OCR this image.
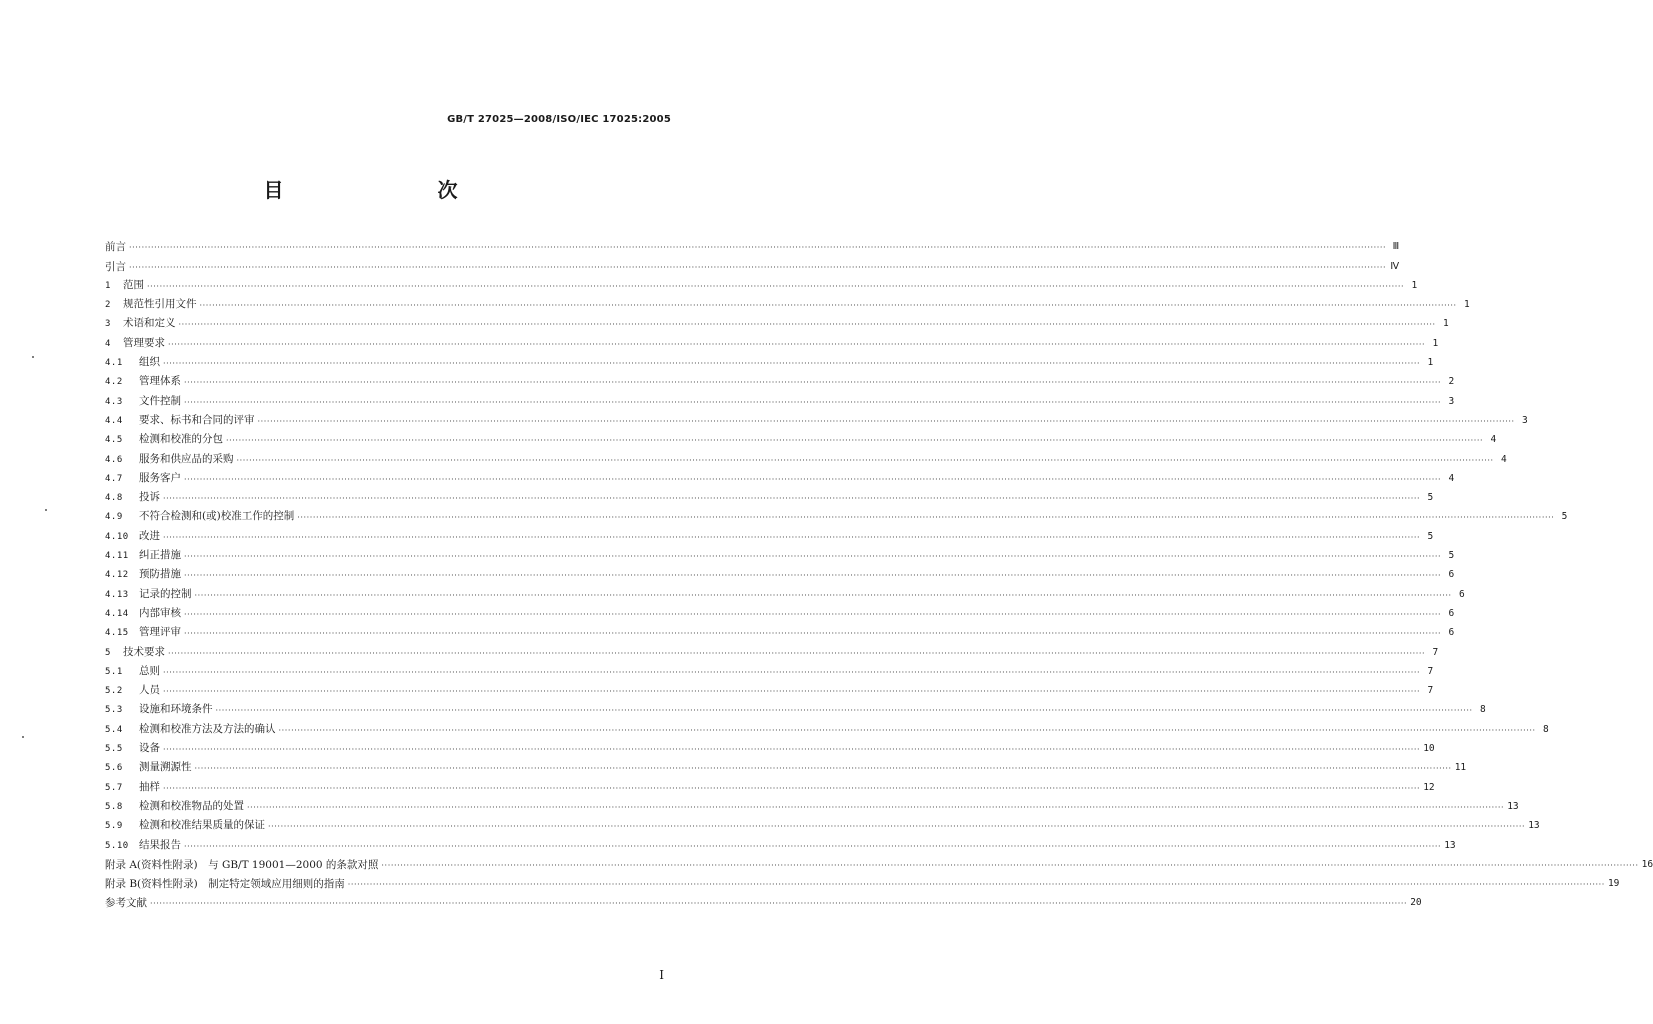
GB/T 27025—2008/ISO/IEC 17025:2005
目　　次
前言 ················································································································································································································································································································································································································ Ⅲ
引言 ················································································································································································································································································································································································································ Ⅳ
1 范围 ················································································································································································································································································································································································································ 1
2 规范性引用文件 ················································································································································································································································································································································································································ 1
3 术语和定义 ················································································································································································································································································································································································································ 1
4 管理要求 ················································································································································································································································································································································································································ 1
4.1 组织 ················································································································································································································································································································································································································ 1
4.2 管理体系 ················································································································································································································································································································································································································ 2
4.3 文件控制 ················································································································································································································································································································································································································ 3
4.4 要求、标书和合同的评审 ················································································································································································································································································································································································································ 3
4.5 检测和校准的分包 ················································································································································································································································································································································································································ 4
4.6 服务和供应品的采购 ················································································································································································································································································································································································································ 4
4.7 服务客户 ················································································································································································································································································································································································································ 4
4.8 投诉 ················································································································································································································································································································································································································ 5
4.9 不符合检测和(或)校准工作的控制 ················································································································································································································································································································································································································ 5
4.10 改进 ················································································································································································································································································································································································································ 5
4.11 纠正措施 ················································································································································································································································································································································································································ 5
4.12 预防措施 ················································································································································································································································································································································································································ 6
4.13 记录的控制 ················································································································································································································································································································································································································ 6
4.14 内部审核 ················································································································································································································································································································································································································ 6
4.15 管理评审 ················································································································································································································································································································································································································ 6
5 技术要求 ················································································································································································································································································································································································································ 7
5.1 总则 ················································································································································································································································································································································································································ 7
5.2 人员 ················································································································································································································································································································································································································ 7
5.3 设施和环境条件 ················································································································································································································································································································································································································ 8
5.4 检测和校准方法及方法的确认 ················································································································································································································································································································································································································ 8
5.5 设备 ················································································································································································································································································································································································································ 10
5.6 测量溯源性 ················································································································································································································································································································································································································ 11
5.7 抽样 ················································································································································································································································································································································································································ 12
5.8 检测和校准物品的处置 ················································································································································································································································································································································································································ 13
5.9 检测和校准结果质量的保证 ················································································································································································································································································································································································································ 13
5.10 结果报告 ················································································································································································································································································································································································································ 13
附录 A(资料性附录)　与 GB/T 19001—2000 的条款对照 ················································································································································································································································································································································································································ 16
附录 B(资料性附录)　制定特定领域应用细则的指南 ················································································································································································································································································································································································································ 19
参考文献 ················································································································································································································································································································································································································ 20
I
